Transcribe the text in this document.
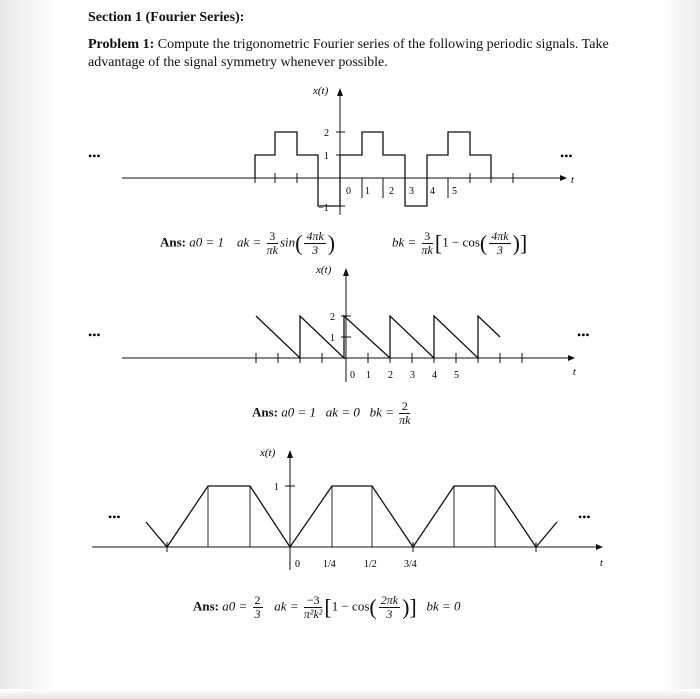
Section 1 (Fourier Series):
Problem 1: Compute the trigonometric Fourier series of the following periodic signals. Take advantage of the signal symmetry whenever possible.
•••	•••
t
x(t)
2
1
−1
0 1 2 3 4 5
Ans: a0 = 1 ak = $\frac{3}{\pi k} \sin( \frac{4\pi k}{3}$ )	bk = $\frac{3}{\pi k} [1 - \cos( \frac{4\pi k}{3}$ )]
x(t)
•••	•••
t
2
1
0 1 2 3 4 5
Ans: a0 = 1 ak = 0 bk = $\frac{2}{\pi k}$
x(t)
•••	•••
t
1
0 1/4	1/2	3/4
Ans: $a0 = \frac{2}{3}$ ak = $\frac{-3}{\text{π²k²}} [1 - \cos( \frac{2\pi k}{3}$ )] bk = 0
